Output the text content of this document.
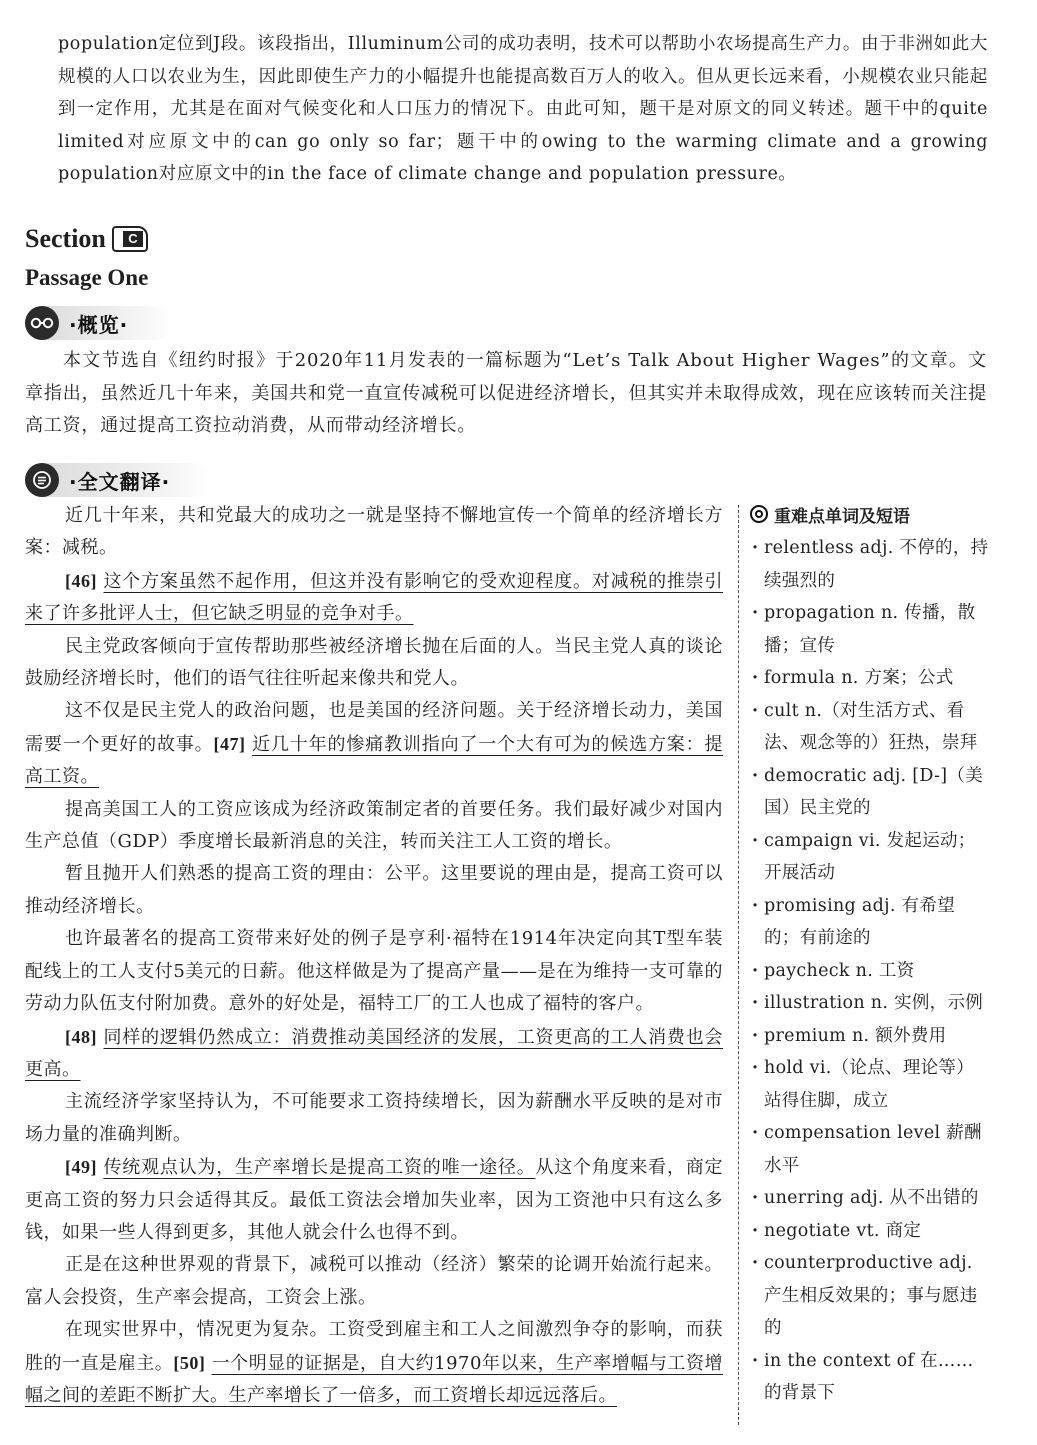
population定位到J段。该段指出，Illuminum公司的成功表明，技术可以帮助小农场提高生产力。由于非洲如此大规模的人口以农业为生，因此即使生产力的小幅提升也能提高数百万人的收入。但从更长远来看，小规模农业只能起到一定作用，尤其是在面对气候变化和人口压力的情况下。由此可知，题干是对原文的同义转述。题干中的quite limited对应原文中的can go only so far；题干中的owing to the warming climate and a growing population对应原文中的in the face of climate change and population pressure。

Section	C
Passage One
·概览·

本文节选自《纽约时报》于2020年11月发表的一篇标题为“Let’s Talk About Higher Wages”的文章。文章指出，虽然近几十年来，美国共和党一直宣传减税可以促进经济增长，但其实并未取得成效，现在应该转而关注提高工资，通过提高工资拉动消费，从而带动经济增长。

·全文翻译·

近几十年来，共和党最大的成功之一就是坚持不懈地宣传一个简单的经济增长方案：减税。

[46] 这个方案虽然不起作用，但这并没有影响它的受欢迎程度。对减税的推崇引来了许多批评人士，但它缺乏明显的竞争对手。

民主党政客倾向于宣传帮助那些被经济增长抛在后面的人。当民主党人真的谈论鼓励经济增长时，他们的语气往往听起来像共和党人。

这不仅是民主党人的政治问题，也是美国的经济问题。关于经济增长动力，美国需要一个更好的故事。[47] 近几十年的惨痛教训指向了一个大有可为的候选方案：提高工资。

提高美国工人的工资应该成为经济政策制定者的首要任务。我们最好减少对国内生产总值（GDP）季度增长最新消息的关注，转而关注工人工资的增长。

暂且抛开人们熟悉的提高工资的理由：公平。这里要说的理由是，提高工资可以推动经济增长。

也许最著名的提高工资带来好处的例子是亨利·福特在1914年决定向其T型车装配线上的工人支付5美元的日薪。他这样做是为了提高产量——是在为维持一支可靠的劳动力队伍支付附加费。意外的好处是，福特工厂的工人也成了福特的客户。

[48] 同样的逻辑仍然成立：消费推动美国经济的发展，工资更高的工人消费也会更高。

主流经济学家坚持认为，不可能要求工资持续增长，因为薪酬水平反映的是对市场力量的准确判断。

[49] 传统观点认为，生产率增长是提高工资的唯一途径。从这个角度来看，商定更高工资的努力只会适得其反。最低工资法会增加失业率，因为工资池中只有这么多钱，如果一些人得到更多，其他人就会什么也得不到。

正是在这种世界观的背景下，减税可以推动（经济）繁荣的论调开始流行起来。富人会投资，生产率会提高，工资会上涨。

在现实世界中，情况更为复杂。工资受到雇主和工人之间激烈争夺的影响，而获胜的一直是雇主。[50] 一个明显的证据是，自大约1970年以来，生产率增幅与工资增幅之间的差距不断扩大。生产率增长了一倍多，而工资增长却远远落后。

重难点单词及短语
· relentless adj. 不停的，持续强烈的
· propagation n. 传播，散播；宣传
· formula n. 方案；公式
· cult n.（对生活方式、看法、观念等的）狂热，崇拜
· democratic adj. [D-]（美国）民主党的
· campaign vi. 发起运动；开展活动
· promising adj. 有希望的；有前途的
· paycheck n. 工资
· illustration n. 实例，示例
· premium n. 额外费用
· hold vi.（论点、理论等）站得住脚，成立
· compensation level 薪酬水平
· unerring adj. 从不出错的
· negotiate vt. 商定
· counterproductive adj. 产生相反效果的；事与愿违的
· in the context of 在……的背景下
